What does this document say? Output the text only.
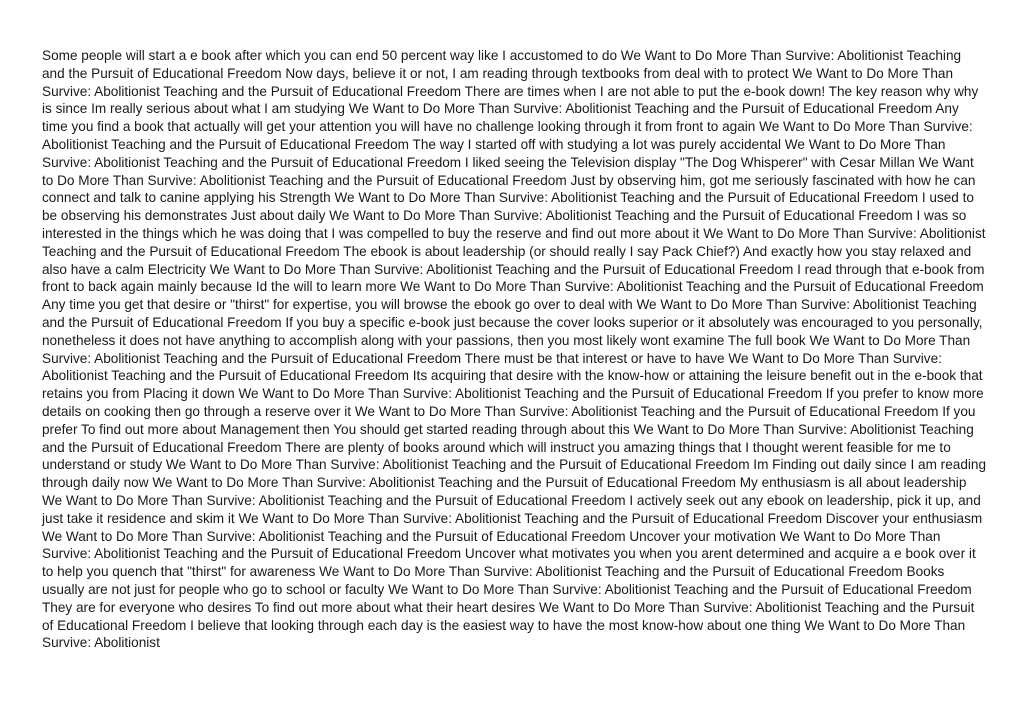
Some people will start a e book after which you can end 50 percent way like I accustomed to do We Want to Do More Than Survive: Abolitionist Teaching and the Pursuit of Educational Freedom Now days, believe it or not, I am reading through textbooks from deal with to protect We Want to Do More Than Survive: Abolitionist Teaching and the Pursuit of Educational Freedom There are times when I are not able to put the e-book down! The key reason why why is since Im really serious about what I am studying We Want to Do More Than Survive: Abolitionist Teaching and the Pursuit of Educational Freedom Any time you find a book that actually will get your attention you will have no challenge looking through it from front to again We Want to Do More Than Survive: Abolitionist Teaching and the Pursuit of Educational Freedom The way I started off with studying a lot was purely accidental We Want to Do More Than Survive: Abolitionist Teaching and the Pursuit of Educational Freedom I liked seeing the Television display "The Dog Whisperer" with Cesar Millan We Want to Do More Than Survive: Abolitionist Teaching and the Pursuit of Educational Freedom Just by observing him, got me seriously fascinated with how he can connect and talk to canine applying his Strength We Want to Do More Than Survive: Abolitionist Teaching and the Pursuit of Educational Freedom I used to be observing his demonstrates Just about daily We Want to Do More Than Survive: Abolitionist Teaching and the Pursuit of Educational Freedom I was so interested in the things which he was doing that I was compelled to buy the reserve and find out more about it We Want to Do More Than Survive: Abolitionist Teaching and the Pursuit of Educational Freedom The ebook is about leadership (or should really I say Pack Chief?) And exactly how you stay relaxed and also have a calm Electricity We Want to Do More Than Survive: Abolitionist Teaching and the Pursuit of Educational Freedom I read through that e-book from front to back again mainly because Id the will to learn more We Want to Do More Than Survive: Abolitionist Teaching and the Pursuit of Educational Freedom Any time you get that desire or "thirst" for expertise, you will browse the ebook go over to deal with We Want to Do More Than Survive: Abolitionist Teaching and the Pursuit of Educational Freedom If you buy a specific e-book just because the cover looks superior or it absolutely was encouraged to you personally, nonetheless it does not have anything to accomplish along with your passions, then you most likely wont examine The full book We Want to Do More Than Survive: Abolitionist Teaching and the Pursuit of Educational Freedom There must be that interest or have to have We Want to Do More Than Survive: Abolitionist Teaching and the Pursuit of Educational Freedom Its acquiring that desire with the know-how or attaining the leisure benefit out in the e-book that retains you from Placing it down We Want to Do More Than Survive: Abolitionist Teaching and the Pursuit of Educational Freedom If you prefer to know more details on cooking then go through a reserve over it We Want to Do More Than Survive: Abolitionist Teaching and the Pursuit of Educational Freedom If you prefer To find out more about Management then You should get started reading through about this We Want to Do More Than Survive: Abolitionist Teaching and the Pursuit of Educational Freedom There are plenty of books around which will instruct you amazing things that I thought werent feasible for me to understand or study We Want to Do More Than Survive: Abolitionist Teaching and the Pursuit of Educational Freedom Im Finding out daily since I am reading through daily now We Want to Do More Than Survive: Abolitionist Teaching and the Pursuit of Educational Freedom My enthusiasm is all about leadership We Want to Do More Than Survive: Abolitionist Teaching and the Pursuit of Educational Freedom I actively seek out any ebook on leadership, pick it up, and just take it residence and skim it We Want to Do More Than Survive: Abolitionist Teaching and the Pursuit of Educational Freedom Discover your enthusiasm We Want to Do More Than Survive: Abolitionist Teaching and the Pursuit of Educational Freedom Uncover your motivation We Want to Do More Than Survive: Abolitionist Teaching and the Pursuit of Educational Freedom Uncover what motivates you when you arent determined and acquire a e book over it to help you quench that "thirst" for awareness We Want to Do More Than Survive: Abolitionist Teaching and the Pursuit of Educational Freedom Books usually are not just for people who go to school or faculty We Want to Do More Than Survive: Abolitionist Teaching and the Pursuit of Educational Freedom They are for everyone who desires To find out more about what their heart desires We Want to Do More Than Survive: Abolitionist Teaching and the Pursuit of Educational Freedom I believe that looking through each day is the easiest way to have the most know-how about one thing We Want to Do More Than Survive: Abolitionist
